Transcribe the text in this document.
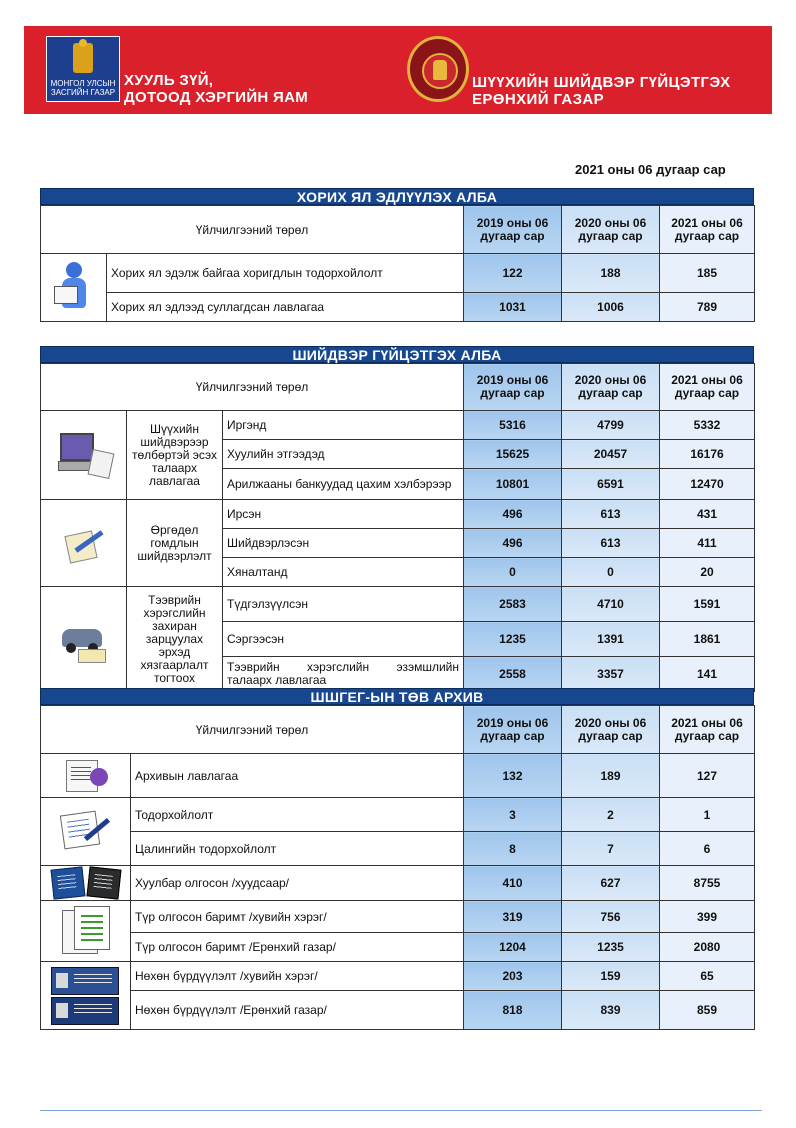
МОНГОЛ УЛСЫН
ЗАСГИЙН ГАЗАР
ХУУЛЬ ЗҮЙ,
ДОТООД ХЭРГИЙН ЯАМ
ШҮҮХИЙН ШИЙДВЭР ГҮЙЦЭТГЭХ
ЕРӨНХИЙ ГАЗАР
2021 оны 06 дугаар сар
ХОРИХ ЯЛ ЭДЛҮҮЛЭХ АЛБА
Үйлчилгээний төрөл		2019 оны 06 дугаар сар	2020 оны 06 дугаар сар	2021 оны 06 дугаар сар

	Хорих ял эдэлж байгаа хоригдлын тодорхойлолт	122	188	185
	Хорих ял эдлээд суллагдсан лавлагаа	1031	1006	789
ШИЙДВЭР ГҮЙЦЭТГЭХ АЛБА
Үйлчилгээний төрөл			2019 оны 06 дугаар сар	2020 оны 06 дугаар сар	2021 оны 06 дугаар сар

	Шүүхийн шийдвэрээр төлбөртэй эсэх талаарх лавлагаа	Иргэнд	5316	4799	5332
		Хуулийн этгээдэд	15625	20457	16176
		Арилжааны банкуудад цахим хэлбэрээр	10801	6591	12470

	Өргөдөл гомдлын шийдвэрлэлт	Ирсэн	496	613	431
		Шийдвэрлэсэн	496	613	411
		Хяналтанд	0	0	20

	Тээврийн хэрэгслийн захиран зарцуулах эрхэд хязгаарлалт тогтоох	Түдгэлзүүлсэн	2583	4710	1591
		Сэргээсэн	1235	1391	1861
		Тээврийн хэрэгслийн эзэмшлийн талаарх лавлагаа	2558	3357	141
ШШГЕГ-ЫН ТӨВ АРХИВ
Үйлчилгээний төрөл		2019 оны 06 дугаар сар	2020 оны 06 дугаар сар	2021 оны 06 дугаар сар

	Архивын лавлагаа	132	189	127

	Тодорхойлолт	3	2	1
	Цалингийн тодорхойлолт	8	7	6

	Хуулбар олгосон /хуудсаар/	410	627	8755

	Түр олгосон баримт /хувийн хэрэг/	319	756	399
	Түр олгосон баримт /Ерөнхий газар/	1204	1235	2080

	Нөхөн бүрдүүлэлт /хувийн хэрэг/	203	159	65
	Нөхөн бүрдүүлэлт /Ерөнхий газар/	818	839	859
